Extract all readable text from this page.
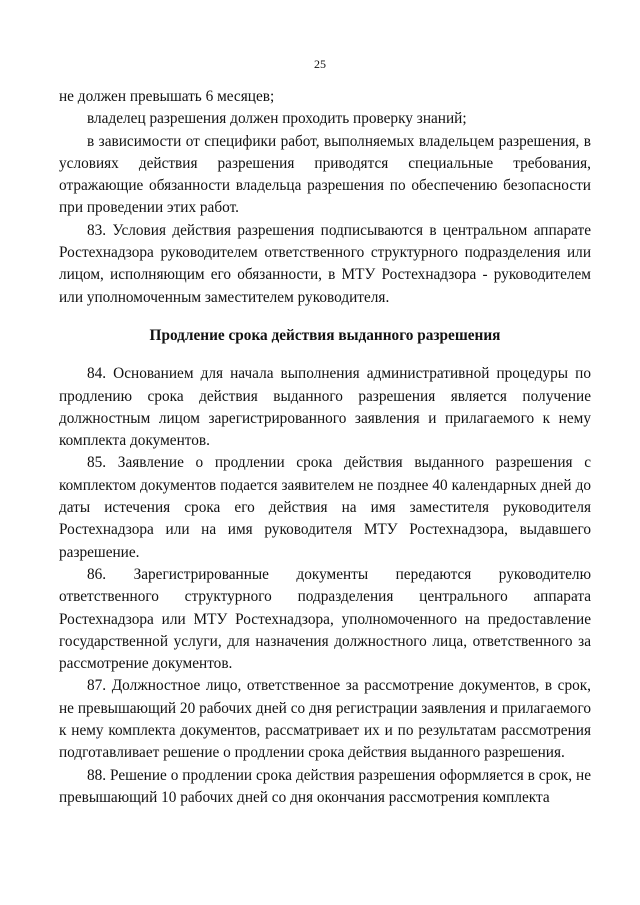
25

не должен превышать 6 месяцев;

владелец разрешения должен проходить проверку знаний;

в зависимости от специфики работ, выполняемых владельцем разрешения, в условиях действия разрешения приводятся специальные требования, отражающие обязанности владельца разрешения по обеспечению безопасности при проведении этих работ.

83. Условия действия разрешения подписываются в центральном аппарате Ростехнадзора руководителем ответственного структурного подразделения или лицом, исполняющим его обязанности, в МТУ Ростехнадзора - руководителем или уполномоченным заместителем руководителя.

Продление срока действия выданного разрешения

84. Основанием для начала выполнения административной процедуры по продлению срока действия выданного разрешения является получение должностным лицом зарегистрированного заявления и прилагаемого к нему комплекта документов.

85. Заявление о продлении срока действия выданного разрешения с комплектом документов подается заявителем не позднее 40 календарных дней до даты истечения срока его действия на имя заместителя руководителя Ростехнадзора или на имя руководителя МТУ Ростехнадзора, выдавшего разрешение.

86. Зарегистрированные документы передаются руководителю ответственного структурного подразделения центрального аппарата Ростехнадзора или МТУ Ростехнадзора, уполномоченного на предоставление государственной услуги, для назначения должностного лица, ответственного за рассмотрение документов.

87. Должностное лицо, ответственное за рассмотрение документов, в срок, не превышающий 20 рабочих дней со дня регистрации заявления и прилагаемого к нему комплекта документов, рассматривает их и по результатам рассмотрения подготавливает решение о продлении срока действия выданного разрешения.

88. Решение о продлении срока действия разрешения оформляется в срок, не превышающий 10 рабочих дней со дня окончания рассмотрения комплекта
